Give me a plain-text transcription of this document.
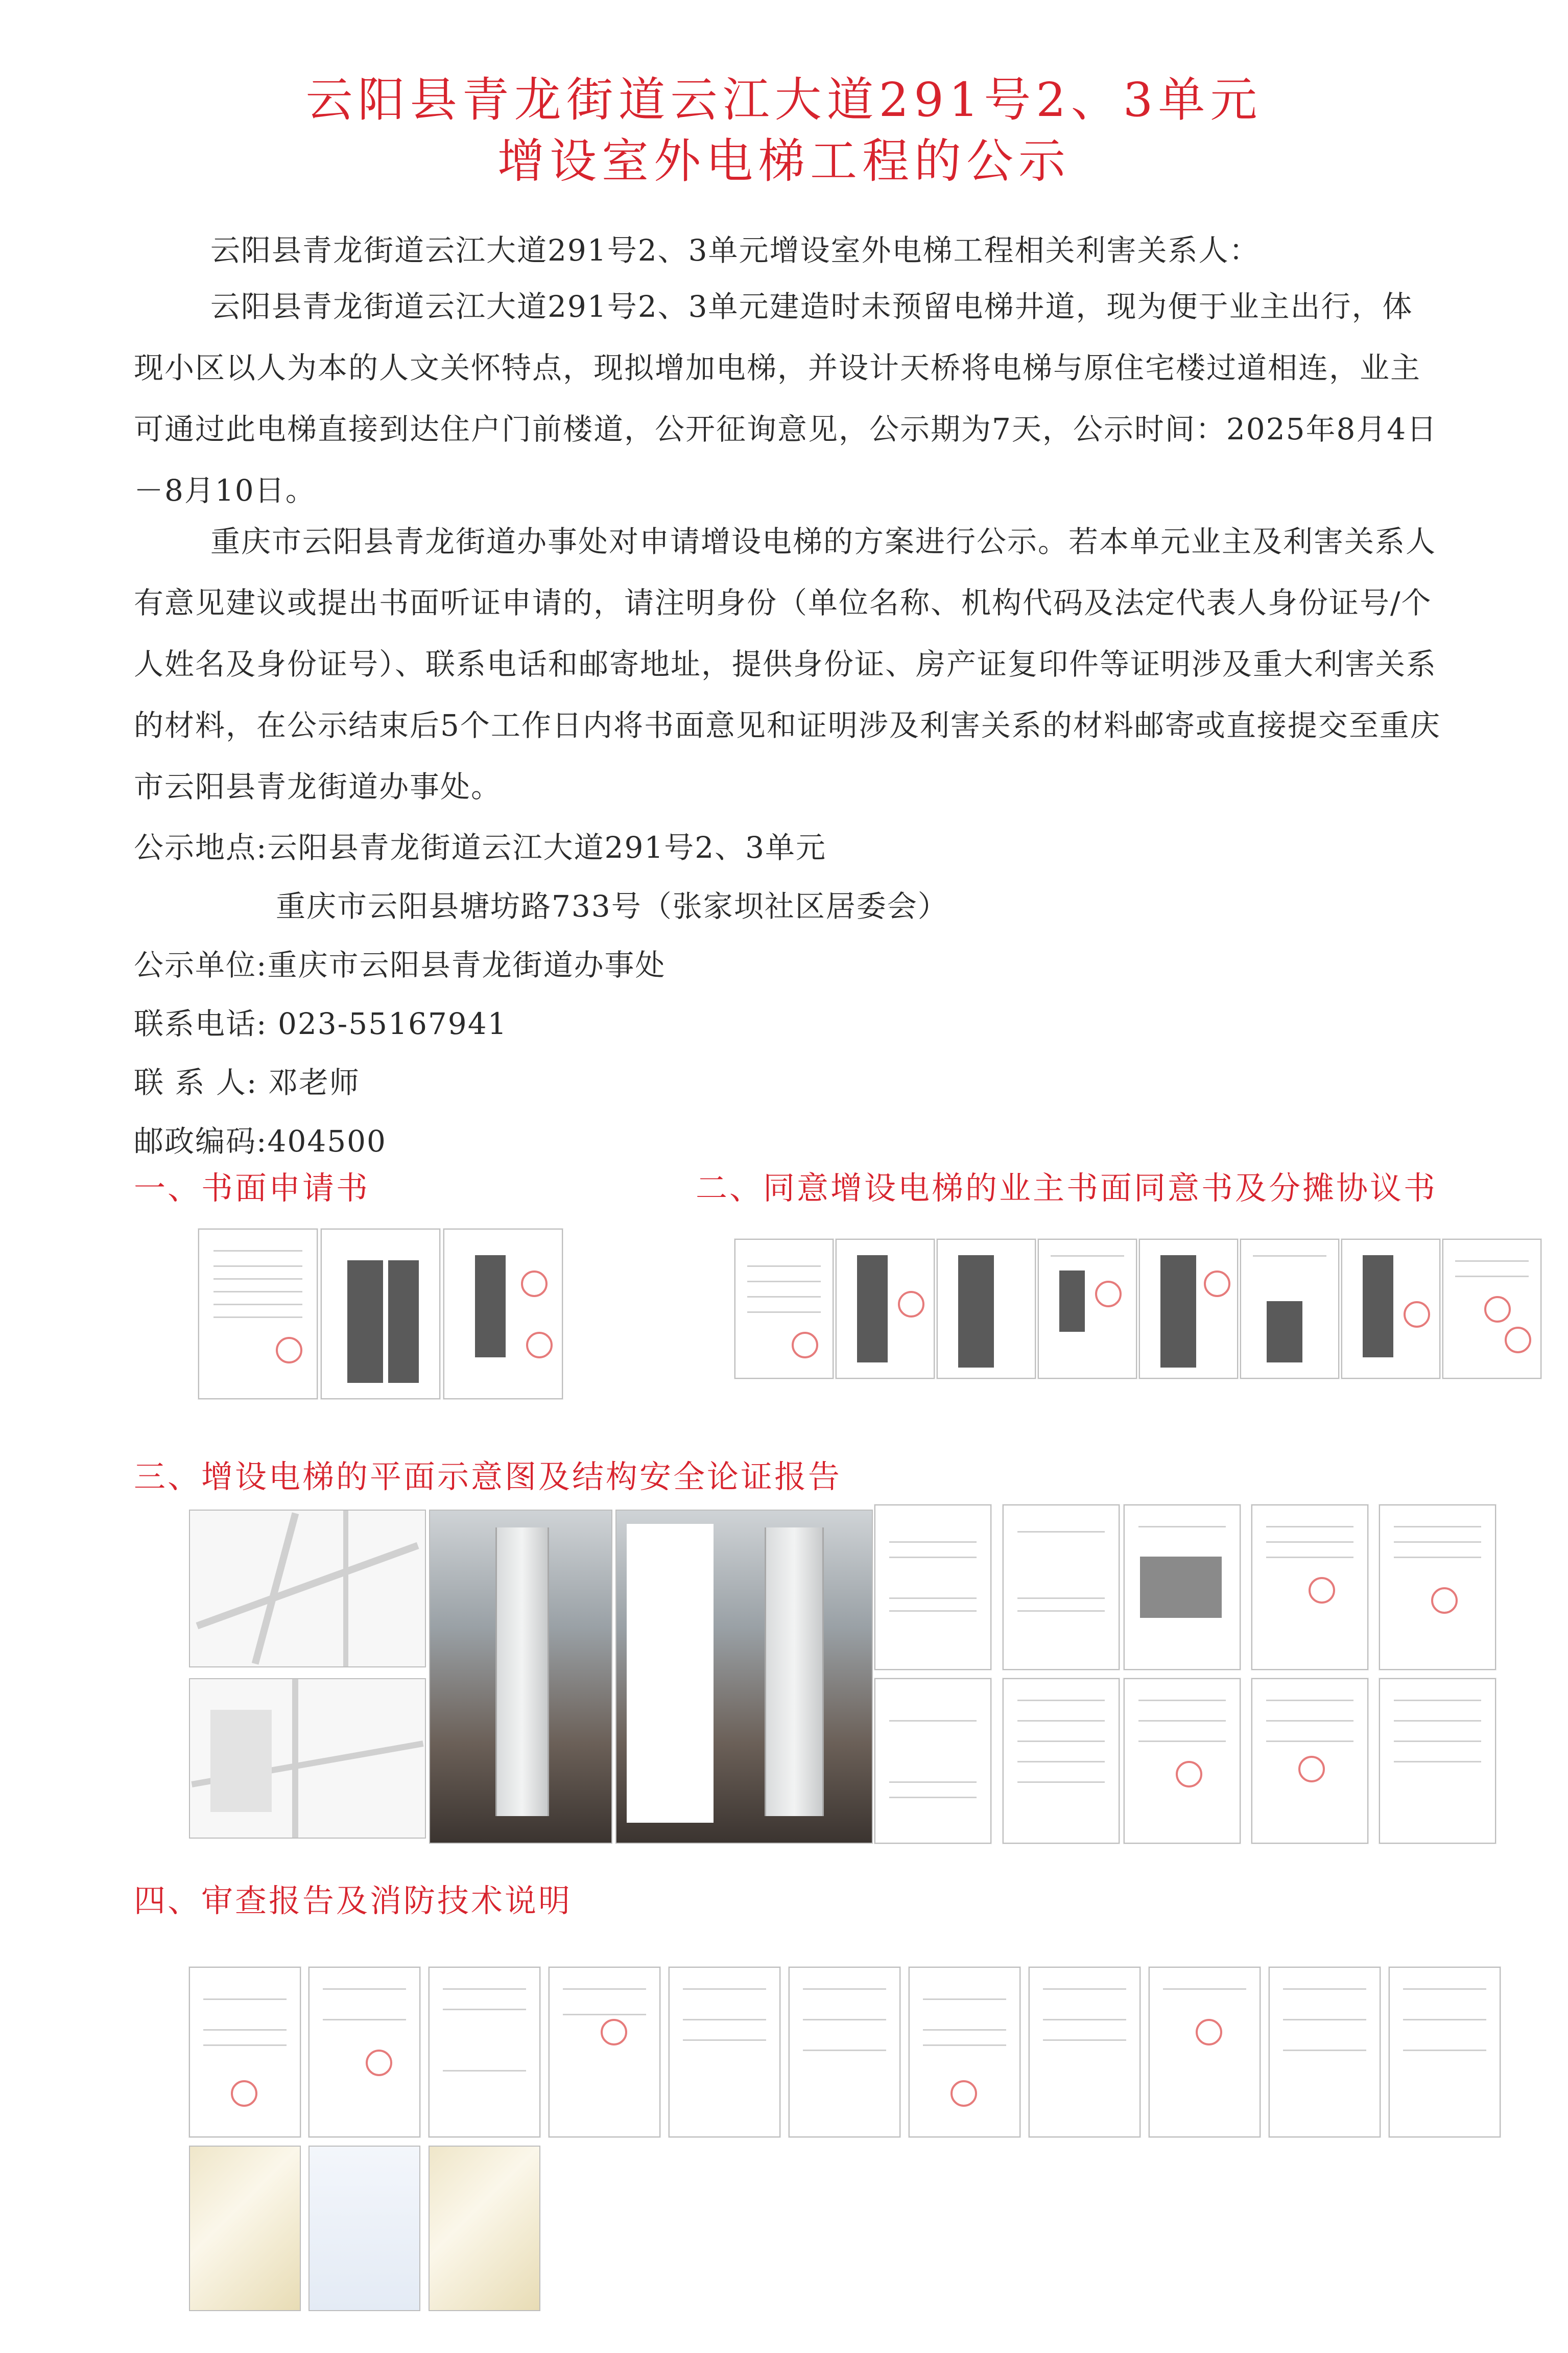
云阳县青龙街道云江大道291号2、3单元
增设室外电梯工程的公示

云阳县青龙街道云江大道291号2、3单元增设室外电梯工程相关利害关系人：

云阳县青龙街道云江大道291号2、3单元建造时未预留电梯井道，现为便于业主出行，体现小区以人为本的人文关怀特点，现拟增加电梯，并设计天桥将电梯与原住宅楼过道相连，业主可通过此电梯直接到达住户门前楼道，公开征询意见，公示期为7天，公示时间：2025年8月4日－8月10日。

重庆市云阳县青龙街道办事处对申请增设电梯的方案进行公示。若本单元业主及利害关系人有意见建议或提出书面听证申请的，请注明身份（单位名称、机构代码及法定代表人身份证号/个人姓名及身份证号）、联系电话和邮寄地址，提供身份证、房产证复印件等证明涉及重大利害关系的材料，在公示结束后5个工作日内将书面意见和证明涉及利害关系的材料邮寄或直接提交至重庆市云阳县青龙街道办事处。

公示地点:云阳县青龙街道云江大道291号2、3单元
重庆市云阳县塘坊路733号（张家坝社区居委会）
公示单位:重庆市云阳县青龙街道办事处
联系电话: 023-55167941
联 系 人: 邓老师
邮政编码:404500
一、书面申请书	二、同意增设电梯的业主书面同意书及分摊协议书
三、增设电梯的平面示意图及结构安全论证报告
四、审查报告及消防技术说明
